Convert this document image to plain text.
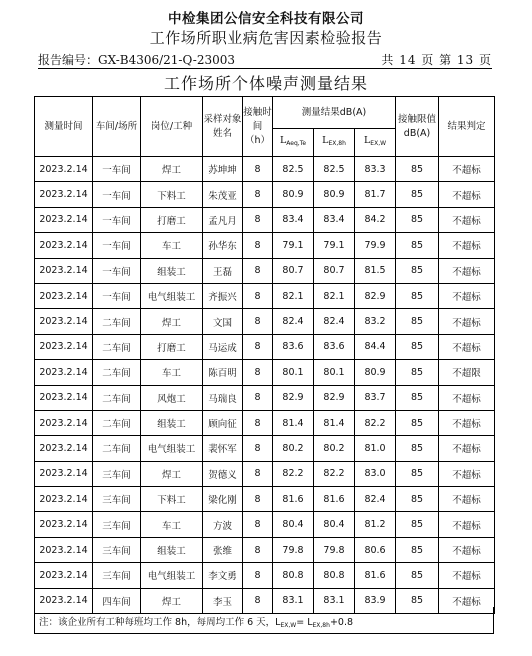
中检集团公信安全科技有限公司
工作场所职业病危害因素检验报告
报告编号：GX-B4306/21-Q-23003	共 14 页 第 13 页
工作场所个体噪声测量结果
测量时间	车间/场所	岗位/工种	采样对象姓名	接触时间（h）	测量结果dB(A)			接触限值 dB(A)	结果判定
					$L_{Aeq,Te}$	$L_{EX,8h}$	$L_{EX,W}$
2023.2.14	一车间	焊工	苏坤坤	8	82.5	82.5	83.3	85	不超标
2023.2.14	一车间	下料工	朱茂亚	8	80.9	80.9	81.7	85	不超标
2023.2.14	一车间	打磨工	孟凡月	8	83.4	83.4	84.2	85	不超标
2023.2.14	一车间	车工	孙华东	8	79.1	79.1	79.9	85	不超标
2023.2.14	一车间	组装工	王磊	8	80.7	80.7	81.5	85	不超标
2023.2.14	一车间	电气组装工	齐振兴	8	82.1	82.1	82.9	85	不超标
2023.2.14	二车间	焊工	文国	8	82.4	82.4	83.2	85	不超标
2023.2.14	二车间	打磨工	马运成	8	83.6	83.6	84.4	85	不超标
2023.2.14	二车间	车工	陈百明	8	80.1	80.1	80.9	85	不超限
2023.2.14	二车间	风炮工	马瑞良	8	82.9	82.9	83.7	85	不超标
2023.2.14	二车间	组装工	顾向征	8	81.4	81.4	82.2	85	不超标
2023.2.14	二车间	电气组装工	裴怀军	8	80.2	80.2	81.0	85	不超标
2023.2.14	三车间	焊工	贺德义	8	82.2	82.2	83.0	85	不超标
2023.2.14	三车间	下料工	梁化刚	8	81.6	81.6	82.4	85	不超标
2023.2.14	三车间	车工	方波	8	80.4	80.4	81.2	85	不超标
2023.2.14	三车间	组装工	张维	8	79.8	79.8	80.6	85	不超标
2023.2.14	三车间	电气组装工	李文勇	8	80.8	80.8	81.6	85	不超标
2023.2.14	四车间	焊工	李玉	8	83.1	83.1	83.9	85	不超标
注：该企业所有工种每班均工作 8h，每周均工作 6 天，$L_{EX,W}= L_{EX,8h}+0.8$
